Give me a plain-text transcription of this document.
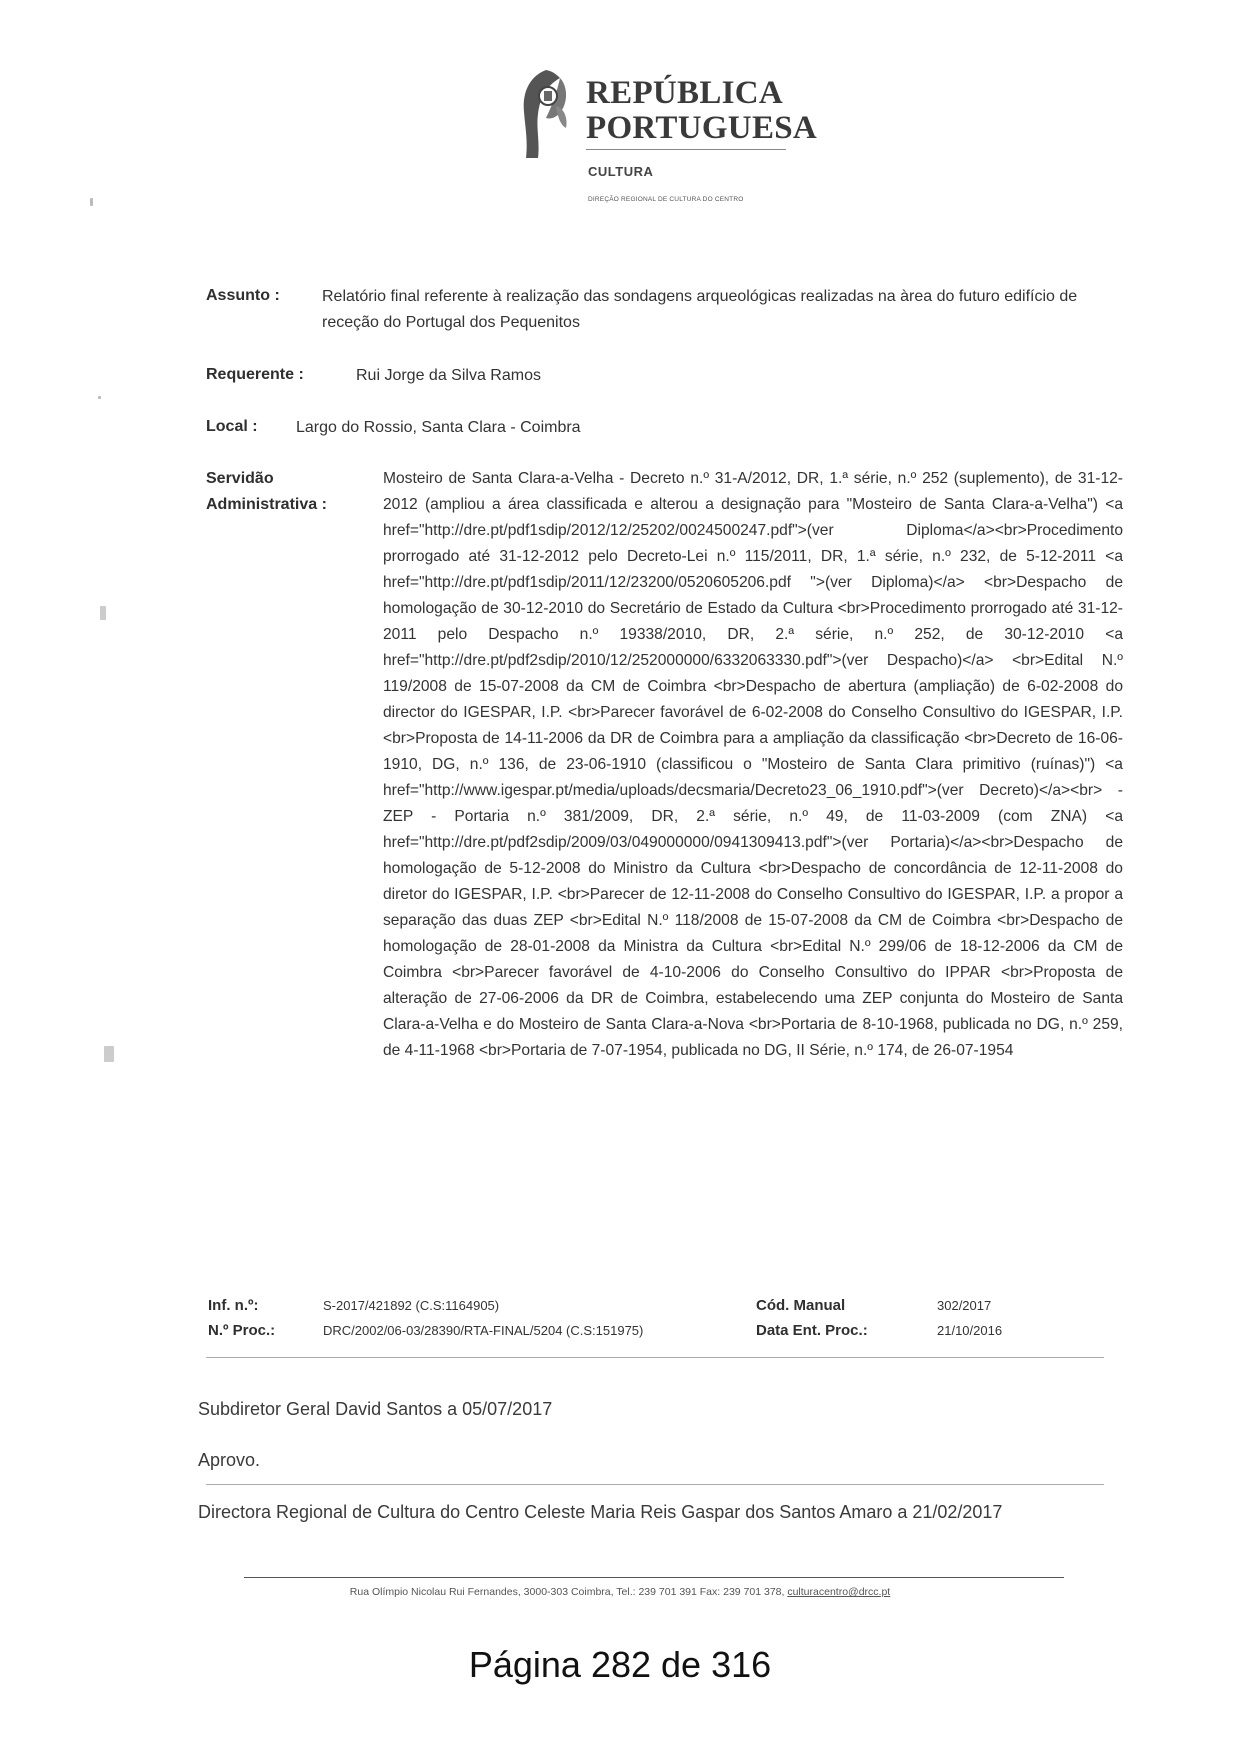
REPÚBLICA
PORTUGUESA
CULTURA
DIREÇÃO REGIONAL DE CULTURA DO CENTRO
Assunto :	Relatório final referente à realização das sondagens arqueológicas realizadas na àrea do futuro edifício de receção do Portugal dos Pequenitos
Requerente :	Rui Jorge da Silva Ramos
Local : Largo do Rossio, Santa Clara - Coimbra
Servidão
Administrativa :
Mosteiro de Santa Clara-a-Velha - Decreto n.º 31-A/2012, DR, 1.ª série, n.º 252 (suplemento), de 31-12-2012 (ampliou a área classificada e alterou a designação para "Mosteiro de Santa Clara-a-Velha") <a href="http://dre.pt/pdf1sdip/2012/12/25202/0024500247.pdf">(ver Diploma</a><br>Procedimento prorrogado até 31-12-2012 pelo Decreto-Lei n.º 115/2011, DR, 1.ª série, n.º 232, de 5-12-2011 <a href="http://dre.pt/pdf1sdip/2011/12/23200/0520605206.pdf ">(ver Diploma)</a> <br>Despacho de homologação de 30-12-2010 do Secretário de Estado da Cultura <br>Procedimento prorrogado até 31-12-2011 pelo Despacho n.º 19338/2010, DR, 2.ª série, n.º 252, de 30-12-2010 <a href="http://dre.pt/pdf2sdip/2010/12/252000000/6332063330.pdf">(ver Despacho)</a> <br>Edital N.º 119/2008 de 15-07-2008 da CM de Coimbra <br>Despacho de abertura (ampliação) de 6-02-2008 do director do IGESPAR, I.P. <br>Parecer favorável de 6-02-2008 do Conselho Consultivo do IGESPAR, I.P. <br>Proposta de 14-11-2006 da DR de Coimbra para a ampliação da classificação <br>Decreto de 16-06-1910, DG, n.º 136, de 23-06-1910 (classificou o "Mosteiro de Santa Clara primitivo (ruínas)") <a href="http://www.igespar.pt/media/uploads/decsmaria/Decreto23_06_1910.pdf">(ver Decreto)</a><br> - ZEP - Portaria n.º 381/2009, DR, 2.ª série, n.º 49, de 11-03-2009 (com ZNA) <a href="http://dre.pt/pdf2sdip/2009/03/049000000/0941309413.pdf">(ver Portaria)</a><br>Despacho de homologação de 5-12-2008 do Ministro da Cultura <br>Despacho de concordância de 12-11-2008 do diretor do IGESPAR, I.P. <br>Parecer de 12-11-2008 do Conselho Consultivo do IGESPAR, I.P. a propor a separação das duas ZEP <br>Edital N.º 118/2008 de 15-07-2008 da CM de Coimbra <br>Despacho de homologação de 28-01-2008 da Ministra da Cultura <br>Edital N.º 299/06 de 18-12-2006 da CM de Coimbra <br>Parecer favorável de 4-10-2006 do Conselho Consultivo do IPPAR <br>Proposta de alteração de 27-06-2006 da DR de Coimbra, estabelecendo uma ZEP conjunta do Mosteiro de Santa Clara-a-Velha e do Mosteiro de Santa Clara-a-Nova <br>Portaria de 8-10-1968, publicada no DG, n.º 259, de 4-11-1968 <br>Portaria de 7-07-1954, publicada no DG, II Série, n.º 174, de 26-07-1954
Inf. n.º:	S-2017/421892 (C.S:1164905)
N.º Proc.:	DRC/2002/06-03/28390/RTA-FINAL/5204 (C.S:151975)
Cód. Manual	302/2017
Data Ent. Proc.:	21/10/2016
Subdiretor Geral David Santos a 05/07/2017
Aprovo.
Directora Regional de Cultura do Centro Celeste Maria Reis Gaspar dos Santos Amaro a 21/02/2017
Rua Olímpio Nicolau Rui Fernandes, 3000-303 Coimbra, Tel.: 239 701 391 Fax: 239 701 378, culturacentro@drcc.pt
Página 282 de 316
